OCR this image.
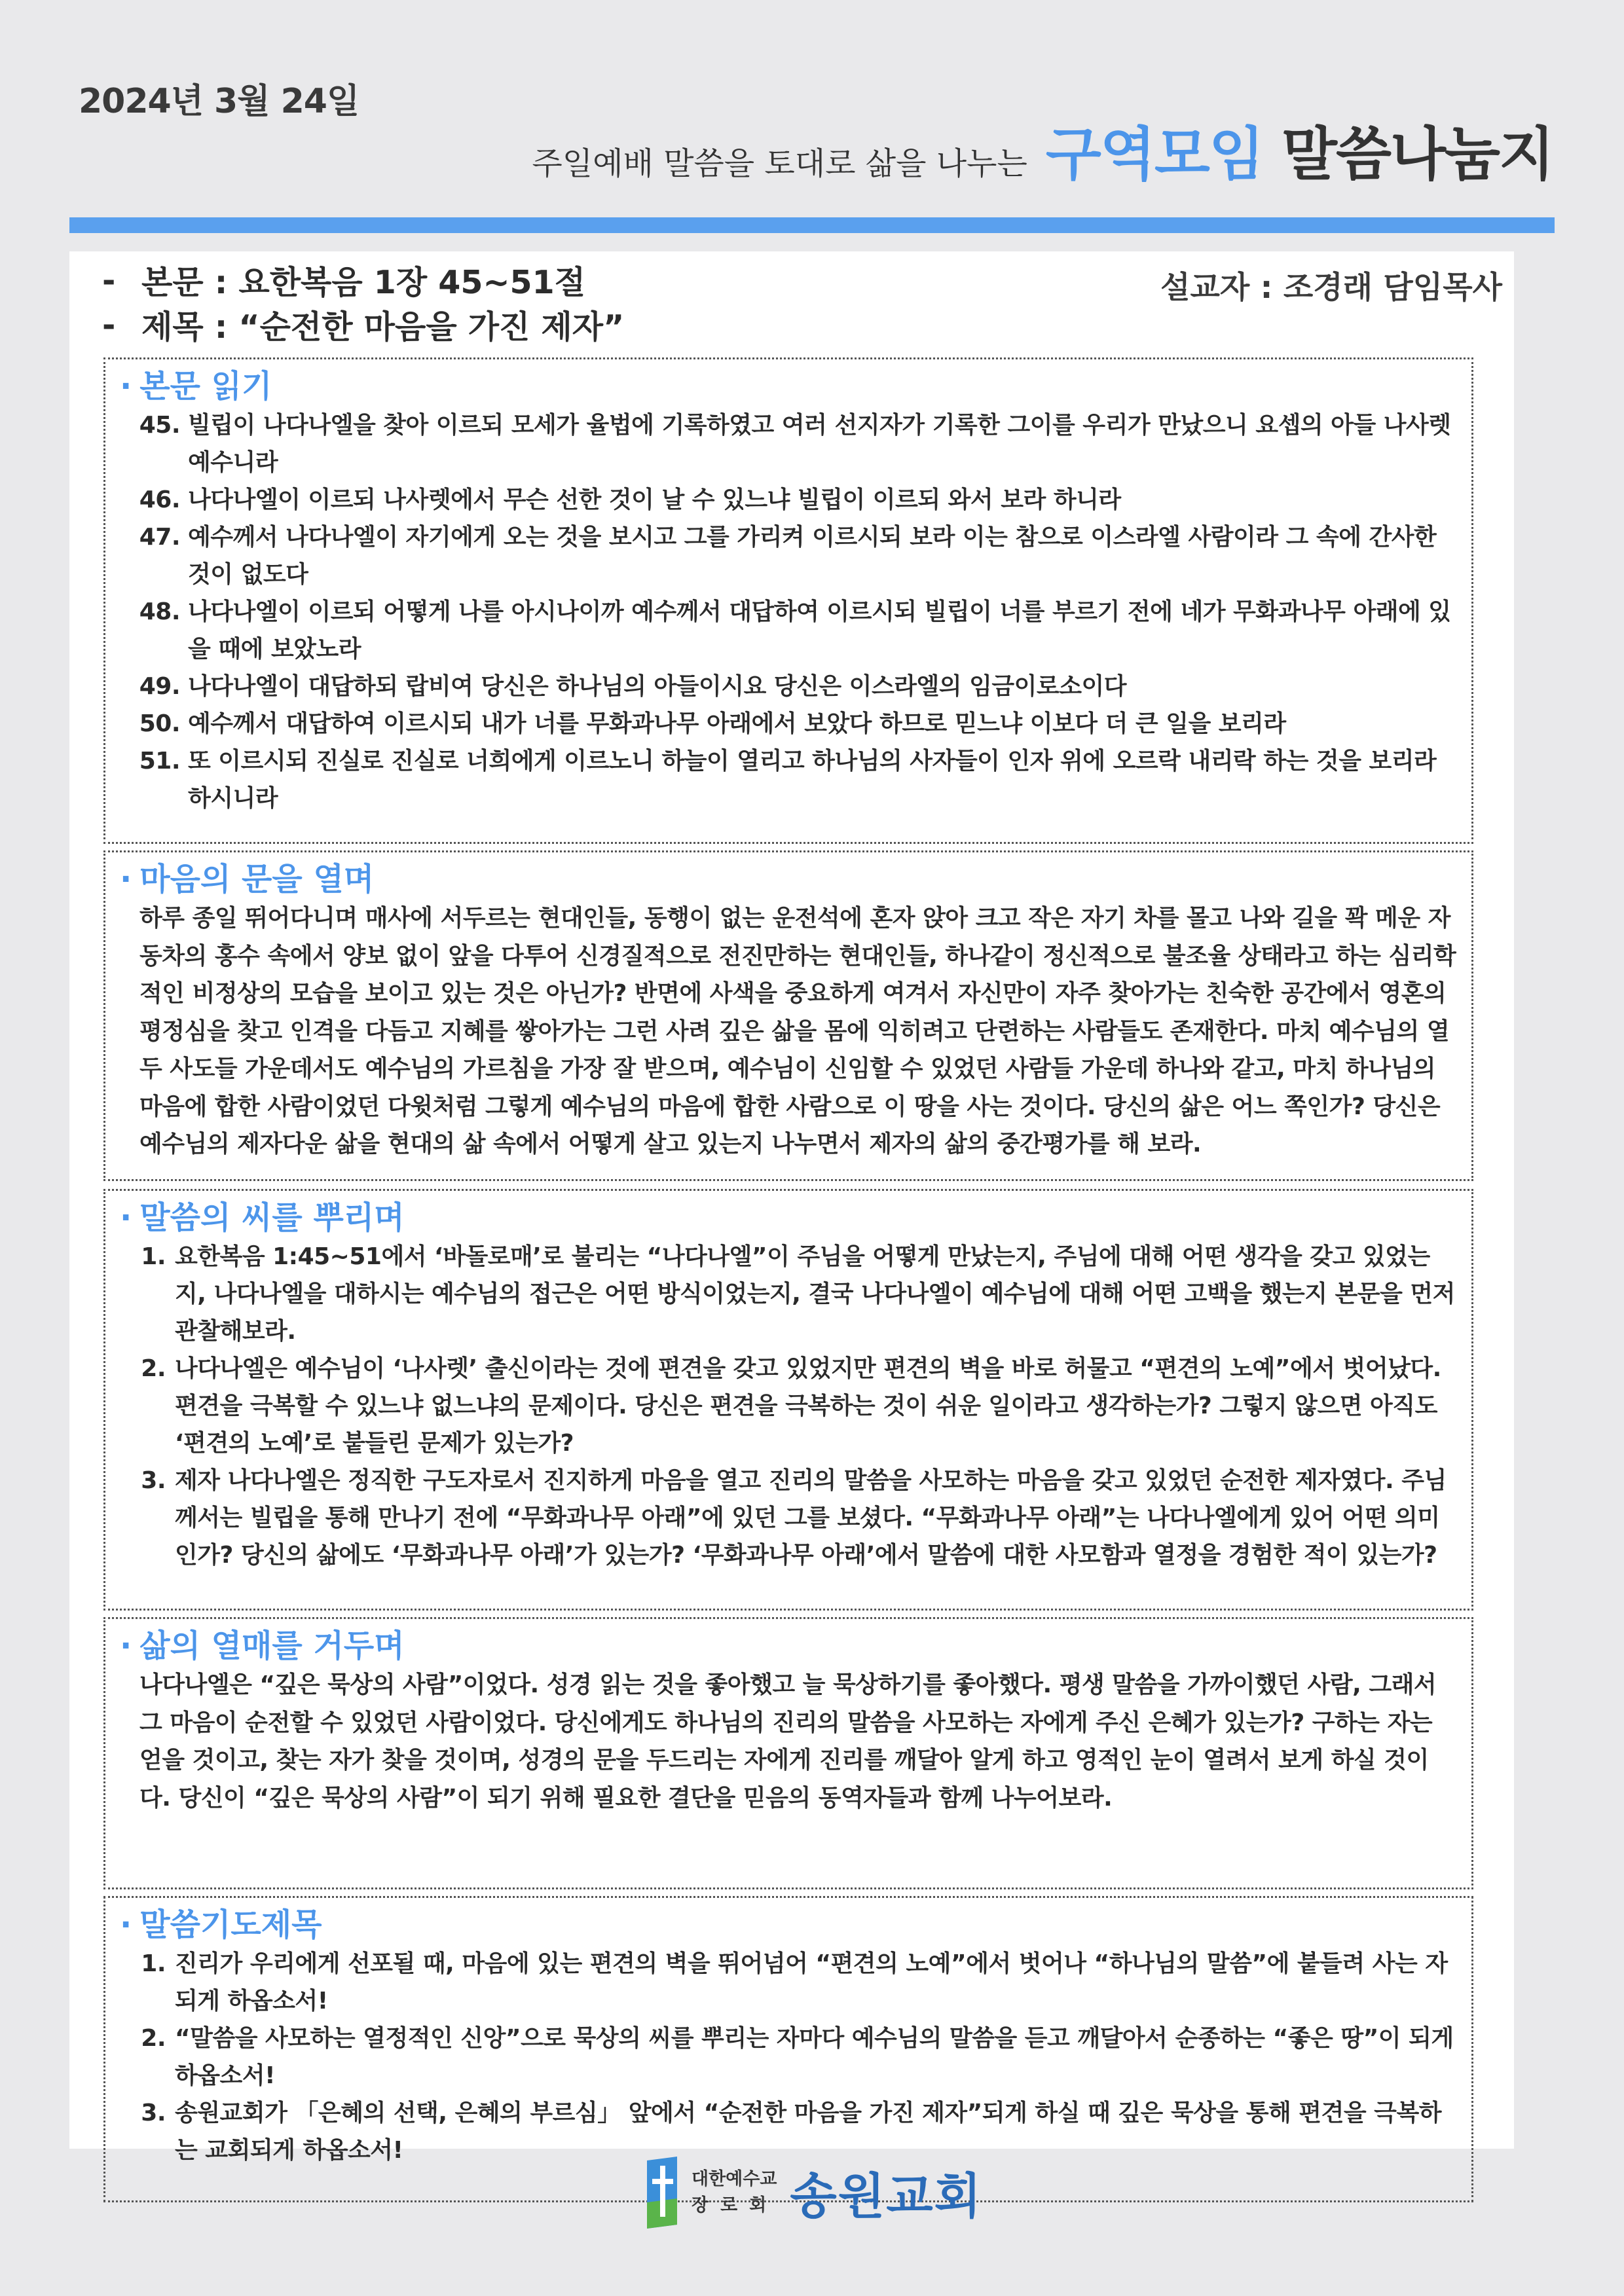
2024년 3월 24일
주일예배 말씀을 토대로 삶을 나누는 구역모임 말씀나눔지
- 본문 : 요한복음 1장 45~51절
- 제목 : “순전한 마음을 가진 제자”
설교자 : 조경래 담임목사
· 본문 읽기
45. 빌립이 나다나엘을 찾아 이르되 모세가 율법에 기록하였고 여러 선지자가 기록한 그이를 우리가 만났으니 요셉의 아들 나사렛 예수니라
46. 나다나엘이 이르되 나사렛에서 무슨 선한 것이 날 수 있느냐 빌립이 이르되 와서 보라 하니라
47. 예수께서 나다나엘이 자기에게 오는 것을 보시고 그를 가리켜 이르시되 보라 이는 참으로 이스라엘 사람이라 그 속에 간사한 것이 없도다
48. 나다나엘이 이르되 어떻게 나를 아시나이까 예수께서 대답하여 이르시되 빌립이 너를 부르기 전에 네가 무화과나무 아래에 있을 때에 보았노라
49. 나다나엘이 대답하되 랍비여 당신은 하나님의 아들이시요 당신은 이스라엘의 임금이로소이다
50. 예수께서 대답하여 이르시되 내가 너를 무화과나무 아래에서 보았다 하므로 믿느냐 이보다 더 큰 일을 보리라
51. 또 이르시되 진실로 진실로 너희에게 이르노니 하늘이 열리고 하나님의 사자들이 인자 위에 오르락 내리락 하는 것을 보리라 하시니라
· 마음의 문을 열며
하루 종일 뛰어다니며 매사에 서두르는 현대인들, 동행이 없는 운전석에 혼자 앉아 크고 작은 자기 차를 몰고 나와 길을 꽉 메운 자동차의 홍수 속에서 양보 없이 앞을 다투어 신경질적으로 전진만하는 현대인들, 하나같이 정신적으로 불조율 상태라고 하는 심리학적인 비정상의 모습을 보이고 있는 것은 아닌가? 반면에 사색을 중요하게 여겨서 자신만이 자주 찾아가는 친숙한 공간에서 영혼의 평정심을 찾고 인격을 다듬고 지혜를 쌓아가는 그런 사려 깊은 삶을 몸에 익히려고 단련하는 사람들도 존재한다. 마치 예수님의 열두 사도들 가운데서도 예수님의 가르침을 가장 잘 받으며, 예수님이 신임할 수 있었던 사람들 가운데 하나와 같고, 마치 하나님의 마음에 합한 사람이었던 다윗처럼 그렇게 예수님의 마음에 합한 사람으로 이 땅을 사는 것이다. 당신의 삶은 어느 쪽인가? 당신은 예수님의 제자다운 삶을 현대의 삶 속에서 어떻게 살고 있는지 나누면서 제자의 삶의 중간평가를 해 보라.
· 말씀의 씨를 뿌리며
1. 요한복음 1:45~51에서 ‘바돌로매’로 불리는 “나다나엘”이 주님을 어떻게 만났는지, 주님에 대해 어떤 생각을 갖고 있었는지, 나다나엘을 대하시는 예수님의 접근은 어떤 방식이었는지, 결국 나다나엘이 예수님에 대해 어떤 고백을 했는지 본문을 먼저 관찰해보라.
2. 나다나엘은 예수님이 ‘나사렛’ 출신이라는 것에 편견을 갖고 있었지만 편견의 벽을 바로 허물고 “편견의 노예”에서 벗어났다. 편견을 극복할 수 있느냐 없느냐의 문제이다. 당신은 편견을 극복하는 것이 쉬운 일이라고 생각하는가? 그렇지 않으면 아직도 ‘편견의 노예’로 붙들린 문제가 있는가?
3. 제자 나다나엘은 정직한 구도자로서 진지하게 마음을 열고 진리의 말씀을 사모하는 마음을 갖고 있었던 순전한 제자였다. 주님께서는 빌립을 통해 만나기 전에 “무화과나무 아래”에 있던 그를 보셨다. “무화과나무 아래”는 나다나엘에게 있어 어떤 의미인가? 당신의 삶에도 ‘무화과나무 아래’가 있는가? ‘무화과나무 아래’에서 말씀에 대한 사모함과 열정을 경험한 적이 있는가?
· 삶의 열매를 거두며
나다나엘은 “깊은 묵상의 사람”이었다. 성경 읽는 것을 좋아했고 늘 묵상하기를 좋아했다. 평생 말씀을 가까이했던 사람, 그래서 그 마음이 순전할 수 있었던 사람이었다. 당신에게도 하나님의 진리의 말씀을 사모하는 자에게 주신 은혜가 있는가? 구하는 자는 얻을 것이고, 찾는 자가 찾을 것이며, 성경의 문을 두드리는 자에게 진리를 깨달아 알게 하고 영적인 눈이 열려서 보게 하실 것이다. 당신이 “깊은 묵상의 사람”이 되기 위해 필요한 결단을 믿음의 동역자들과 함께 나누어보라.
· 말씀기도제목
1. 진리가 우리에게 선포될 때, 마음에 있는 편견의 벽을 뛰어넘어 “편견의 노예”에서 벗어나 “하나님의 말씀”에 붙들려 사는 자 되게 하옵소서!
2. “말씀을 사모하는 열정적인 신앙”으로 묵상의 씨를 뿌리는 자마다 예수님의 말씀을 듣고 깨달아서 순종하는 “좋은 땅”이 되게 하옵소서!
3. 송원교회가 「은혜의 선택, 은혜의 부르심」 앞에서 “순전한 마음을 가진 제자”되게 하실 때 깊은 묵상을 통해 편견을 극복하는 교회되게 하옵소서!
대한예수교
장로회 송원교회
